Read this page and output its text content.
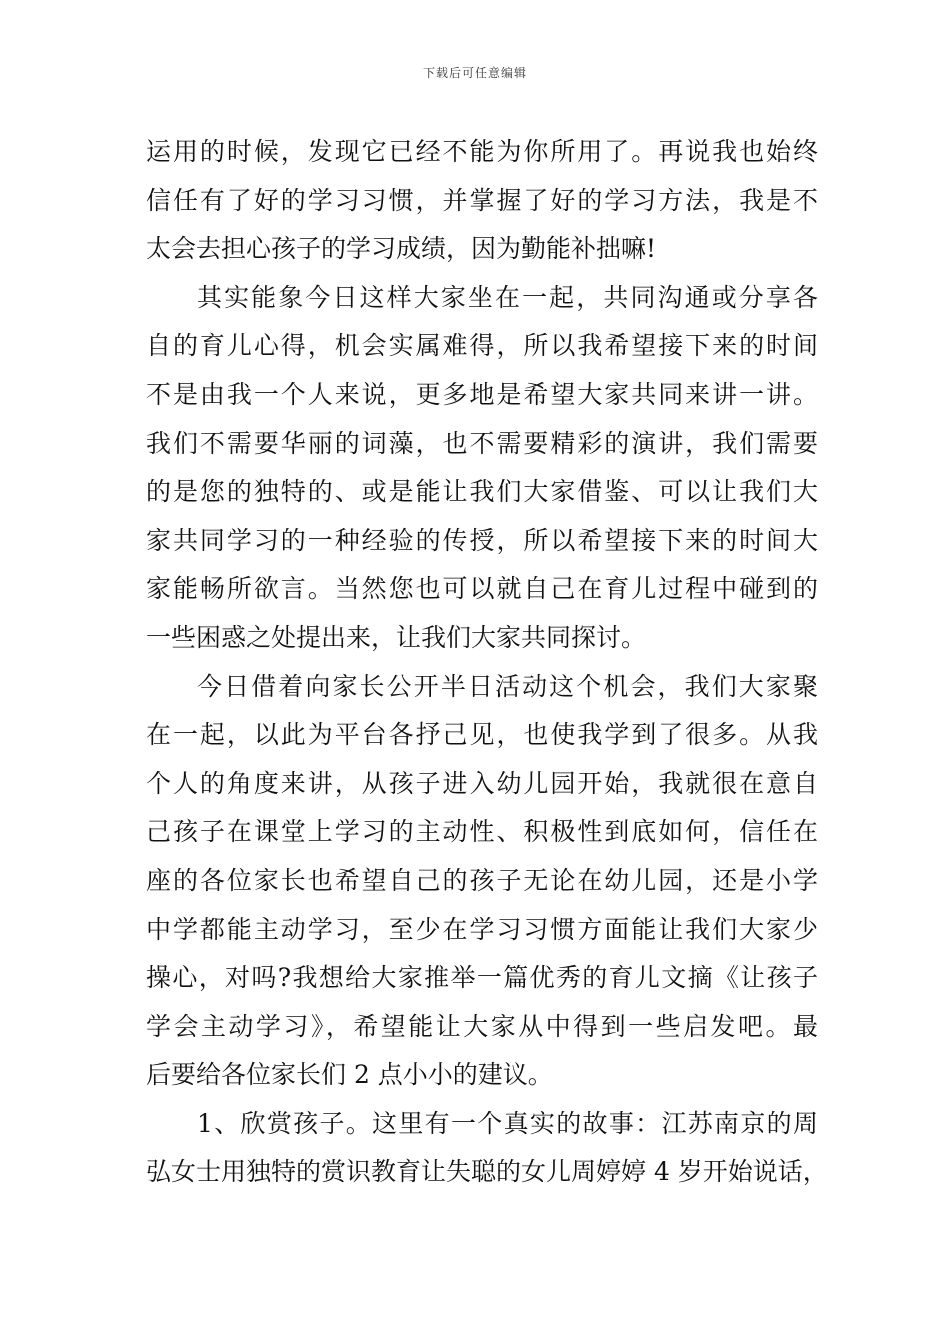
下载后可任意编辑
运用的时候，发现它已经不能为你所用了。再说我也始终
信任有了好的学习习惯，并掌握了好的学习方法，我是不
太会去担心孩子的学习成绩，因为勤能补拙嘛!
其实能象今日这样大家坐在一起，共同沟通或分享各
自的育儿心得，机会实属难得，所以我希望接下来的时间
不是由我一个人来说，更多地是希望大家共同来讲一讲。
我们不需要华丽的词藻，也不需要精彩的演讲，我们需要
的是您的独特的、或是能让我们大家借鉴、可以让我们大
家共同学习的一种经验的传授，所以希望接下来的时间大
家能畅所欲言。当然您也可以就自己在育儿过程中碰到的
一些困惑之处提出来，让我们大家共同探讨。
今日借着向家长公开半日活动这个机会，我们大家聚
在一起，以此为平台各抒己见，也使我学到了很多。从我
个人的角度来讲，从孩子进入幼儿园开始，我就很在意自
己孩子在课堂上学习的主动性、积极性到底如何，信任在
座的各位家长也希望自己的孩子无论在幼儿园，还是小学
中学都能主动学习，至少在学习习惯方面能让我们大家少
操心，对吗?我想给大家推举一篇优秀的育儿文摘《让孩子
学会主动学习》，希望能让大家从中得到一些启发吧。最
后要给各位家长们 2 点小小的建议。
1、欣赏孩子。这里有一个真实的故事：江苏南京的周
弘女士用独特的赏识教育让失聪的女儿周婷婷 4 岁开始说话，
